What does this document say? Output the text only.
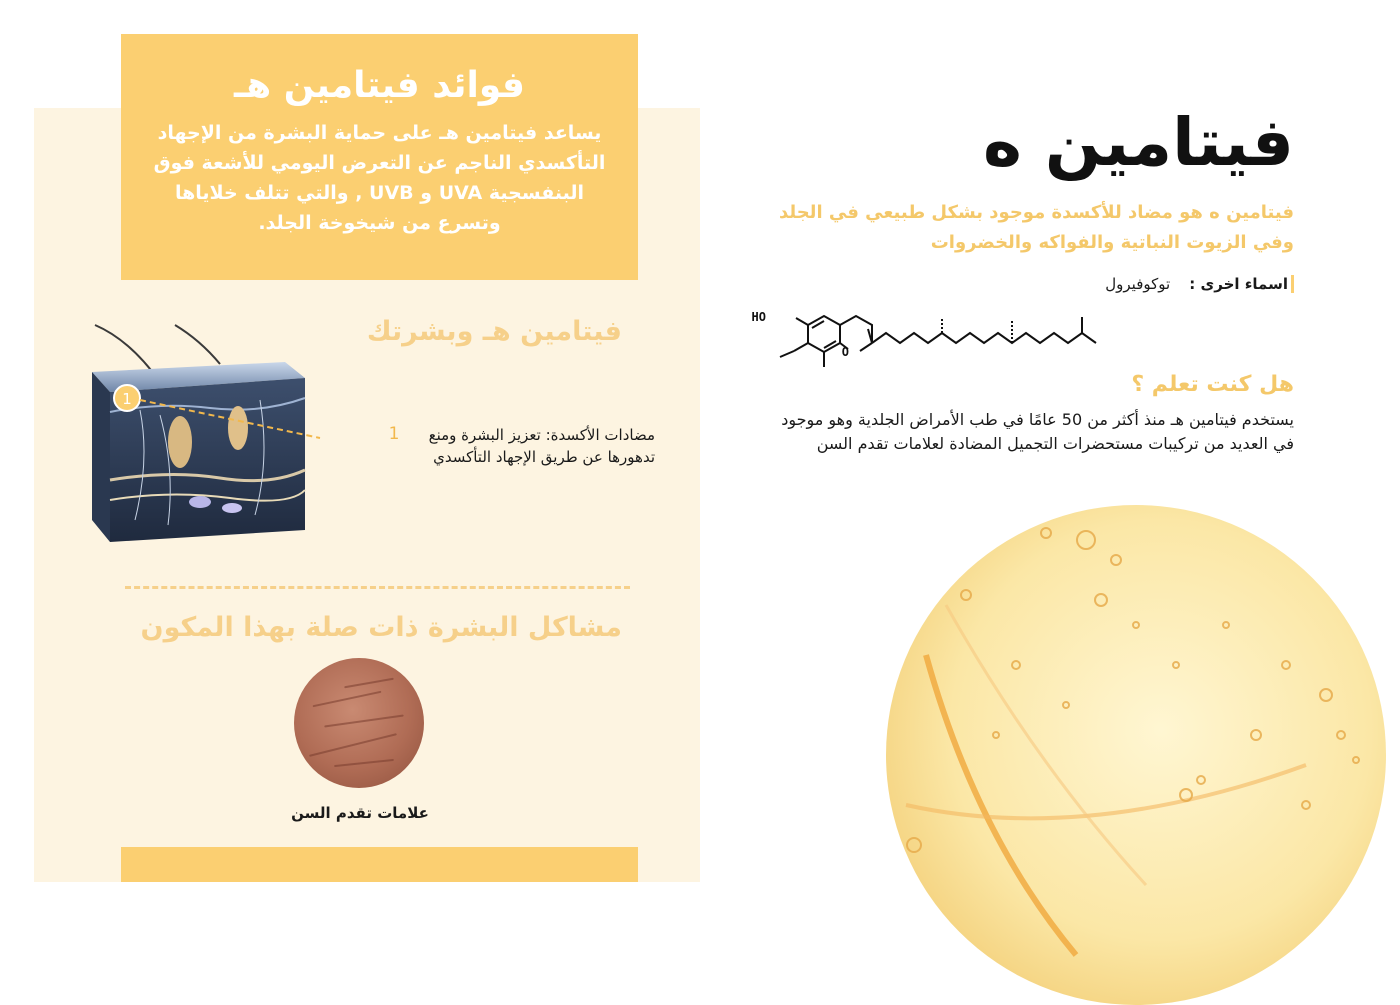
فوائد فيتامين هـ
يساعد فيتامين هـ على حماية البشرة من الإجهاد التأكسدي الناجم عن التعرض اليومي للأشعة فوق البنفسجية UVA و UVB , والتي تتلف خلاياها وتسرع من شيخوخة الجلد.
فيتامين هـ وبشرتك
1
1	مضادات الأكسدة: تعزيز البشرة ومنع تدهورها عن طريق الإجهاد التأكسدي
مشاكل البشرة ذات صلة بهذا المكون
علامات تقدم السن
فيتامين ه
فيتامين ه هو مضاد للأكسدة موجود بشكل طبيعي في الجلد وفي الزيوت النباتية والفواكه والخضروات
اسماء اخرى :    توكوفيرول
HO
O
هل كنت تعلم ؟
يستخدم فيتامين هـ منذ أكثر من 50 عامًا في طب الأمراض الجلدية وهو موجود في العديد من تركيبات مستحضرات التجميل المضادة لعلامات تقدم السن
